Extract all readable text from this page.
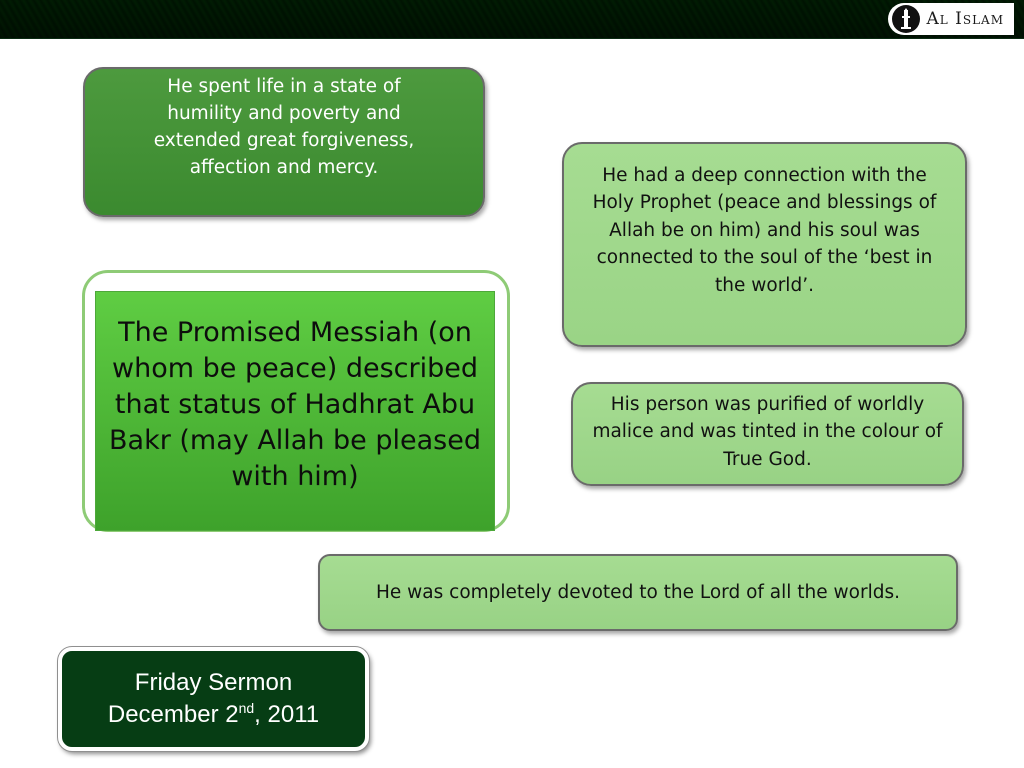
Al Islam
He spent life in a state of humility and poverty and extended great forgiveness, affection and mercy.	He had a deep connection with the Holy Prophet (peace and blessings of Allah be on him) and his soul was connected to the soul of the ‘best in the world’.
The Promised Messiah (on whom be peace) described that status of Hadhrat Abu Bakr (may Allah be pleased with him)
His person was purified of worldly malice and was tinted in the colour of True God.
He was completely devoted to the Lord of all the worlds.
Friday Sermon
December 2nd, 2011
